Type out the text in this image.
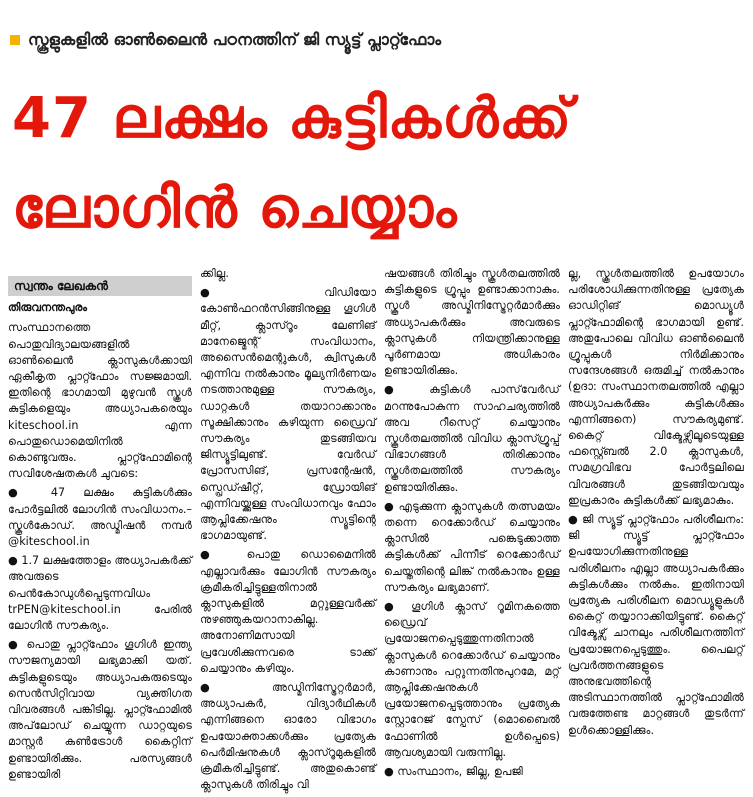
സ്കൂളുകളിൽ ഓൺലൈൻ പഠനത്തിന് ജി സ്യൂട്ട് പ്ലാറ്റ്ഫോം
47 ലക്ഷം കുട്ടികൾക്ക്
ലോഗിൻ ചെയ്യാം
സ്വന്തം ലേഖകൻ
തിരുവനന്തപുരം

സംസ്ഥാനത്തെ പൊതുവിദ്യാലയങ്ങളിൽ ഓൺലൈൻ ക്ലാസുകൾക്കായി ഏകീകൃത പ്ലാറ്റ്ഫോം സജ്ജമായി. ഇതിന്റെ ഭാഗമായി മുഴുവൻ സ്കൂൾ കുട്ടികളെയും അധ്യാപകരെയും kiteschool.in എന്ന പൊതുഡൊമെയിനിൽ കൊണ്ടുവരും. പ്ലാറ്റ്ഫോമിന്റെ സവിശേഷതകൾ ചുവടെ:

● 47 ലക്ഷം കുട്ടികൾക്കും പോർട്ടലിൽ ലോഗിൻ സംവിധാനം.– സ്കൂൾകോഡ്. അഡ്മിഷൻ നമ്പർ @kiteschool.in

● 1.7 ലക്ഷത്തോളം അധ്യാപകർക്ക് അവരുടെ പെൻകോഡുൾപ്പെടുന്നവിധം trPEN@kiteschool.in പേരിൽ ലോഗിൻ സൗകര്യം.

● പൊതു പ്ലാറ്റ്ഫോം ഗൂഗിൾ ഇന്ത്യ സൗജന്യമായി ലഭ്യമാക്കി യത്. കുട്ടികളുടെയും അധ്യാപകരുടെയും സെൻസിറ്റിവായ വ്യക്തിഗത വിവരങ്ങൾ പങ്കിടില്ല. പ്ലാറ്റ്ഫോമിൽ അപ്‌ലോഡ് ചെയ്യുന്ന ഡാറ്റയുടെ മാസ്റ്റർ കൺട്രോൾ കൈറ്റിന് ഉണ്ടായിരിക്കും. പരസ്യങ്ങൾ ഉണ്ടായിരി

ക്കില്ല.

●വിഡിയോ കോൺഫറൻസിങ്ങിനുള്ള ഗൂഗിൾ മീറ്റ്, ക്ലാസ്റൂം ലേണിങ് മാനേജ്മെന്റ് സംവിധാനം, അസൈൻമെന്റുകൾ, ക്വിസുകൾ എന്നിവ നൽകാനും മൂല്യനിർണയം നടത്താനുമുള്ള സൗകര്യം, ഡാറ്റകൾ തയാറാക്കാനും സൂക്ഷിക്കാനും കഴിയുന്ന ഡ്രൈവ് സൗകര്യം തുടങ്ങിയവ ജിസ്യൂട്ടിലുണ്ട്. വേർഡ് പ്രോസസിങ്, പ്രസന്റേഷൻ, സ്പ്രെഡ്ഷീറ്റ്, ഡ്രോയിങ് എന്നിവയ്ക്കുള്ള സംവിധാനവും ഫോം ആപ്ലിക്കേഷനും സ്യൂട്ടിന്റെ ഭാഗമായുണ്ട്.

● പൊതു ഡൊമൈനിൽ എല്ലാവർക്കും ലോഗിൻ സൗകര്യം ക്രമീകരിച്ചിട്ടുള്ളതിനാൽ ക്ലാസുകളിൽ മറ്റുള്ളവർക്ക് നുഴഞ്ഞുകയറാനാകില്ല. അനോണിമസായി പ്രവേശിക്കുന്നവരെ ടാക്ക് ചെയ്യാനും കഴിയും.

● അഡ്മിനിസ്ട്രേറ്റർമാർ, അധ്യാപകർ, വിദ്യാർഥികൾ എന്നിങ്ങനെ ഓരോ വിഭാഗം ഉപയോക്താക്കൾക്കും പ്രത്യേക പെർമിഷനുകൾ ക്ലാസ്റൂമുകളിൽ ക്രമീകരിച്ചിട്ടുണ്ട്. അതുകൊണ്ട് ക്ലാസുകൾ തിരിച്ചും വി

ഷയങ്ങൾ തിരിച്ചും സ്കൂൾതലത്തിൽ കുട്ടികളുടെ ഗ്രൂപ്പും ഉണ്ടാക്കാനാകും. സ്കൂൾ അഡ്മിനിസ്ട്രേറ്റർമാർക്കും അധ്യാപകർക്കും അവരുടെ ക്ലാസുകൾ നിയന്ത്രിക്കാനുള്ള പൂർണമായ അധികാരം ഉണ്ടായിരിക്കും.

● കുട്ടികൾ പാസ്‌വേർഡ് മറന്നുപോകുന്ന സാഹചര്യത്തിൽ അവ റീസെറ്റ് ചെയ്യാനും സ്കൂൾതലത്തിൽ വിവിധ ക്ലാസ്ഗ്രൂപ്പ് വിഭാഗങ്ങൾ തിരിക്കാനും സ്കൂൾതലത്തിൽ സൗകര്യം ഉണ്ടായിരിക്കും.

● എടുക്കുന്ന ക്ലാസുകൾ തത്സമയം തന്നെ റെക്കോർഡ് ചെയ്യാനും ക്ലാസിൽ പങ്കെടുക്കാത്ത കുട്ടികൾക്ക് പിന്നീട് റെക്കോർഡ് ചെയ്തതിന്റെ ലിങ്ക് നൽകാനും ഉള്ള സൗകര്യം ലഭ്യമാണ്.

● ഗൂഗിൾ ക്ലാസ് റൂമിനകത്തെ ഡ്രൈവ് പ്രയോജനപ്പെടുത്തുന്നതിനാൽ ക്ലാസുകൾ റെക്കോർഡ് ചെയ്യാനും കാണാനും പറ്റുന്നതിനുപുറമേ, മറ്റ് ആപ്ലിക്കേഷനുകൾ പ്രയോജനപ്പെടുത്താനും പ്രത്യേക സ്റ്റോറേജ് സ്പേസ് (മൊബൈൽ ഫോണിൽ ഉൾപ്പെടെ) ആവശ്യമായി വരുന്നില്ല.

● സംസ്ഥാനം, ജില്ല, ഉപജി

ല്ല, സ്കൂൾതലത്തിൽ ഉപയോഗം പരിശോധിക്കുന്നതിനുള്ള പ്രത്യേക ഓഡിറ്റിങ് മൊഡ്യൂൾ പ്ലാറ്റ്ഫോമിന്റെ ഭാഗമായി ഉണ്ട്. അതുപോലെ വിവിധ ഓൺലൈൻ ഗ്രൂപ്പുകൾ നിർമിക്കാനും സന്ദേശങ്ങൾ ഒരുമിച്ച് നൽകാനും (ഉദാ: സംസ്ഥാനതലത്തിൽ എല്ലാ അധ്യാപകർക്കും കുട്ടികൾക്കും എന്നിങ്ങനെ) സൗകര്യമുണ്ട്. കൈറ്റ് വിക്ടേഴ്സിലൂടെയുള്ള ഫസ്റ്റ്ബെൽ 2.0 ക്ലാസുകൾ, സമഗ്രവിഭവ പോർട്ടലിലെ വിവരങ്ങൾ തുടങ്ങിയവയും ഇപ്രകാരം കുട്ടികൾക്ക് ലഭ്യമാകും.

● ജി സ്യൂട്ട് പ്ലാറ്റ്ഫോം പരിശീലനം: ജി സ്യൂട്ട് പ്ലാറ്റ്ഫോം ഉപയോഗിക്കുന്നതിനുള്ള പരിശീലനം എല്ലാ അധ്യാപകർക്കും കുട്ടികൾക്കും നൽകും. ഇതിനായി പ്രത്യേക പരിശീലന മൊഡ്യൂളുകൾ കൈറ്റ് തയ്യാറാക്കിയിട്ടുണ്ട്. കൈറ്റ് വിക്ടേഴ്സ് ചാനലും പരിശീലനത്തിന് പ്രയോജനപ്പെടുത്തും. പൈലറ്റ് പ്രവർത്തനങ്ങളുടെ അനുഭവത്തിന്റെ അടിസ്ഥാനത്തിൽ പ്ലാറ്റ്ഫോമിൽ വരുത്തേണ്ട മാറ്റങ്ങൾ തുടർന്ന് ഉൾക്കൊള്ളിക്കും.
